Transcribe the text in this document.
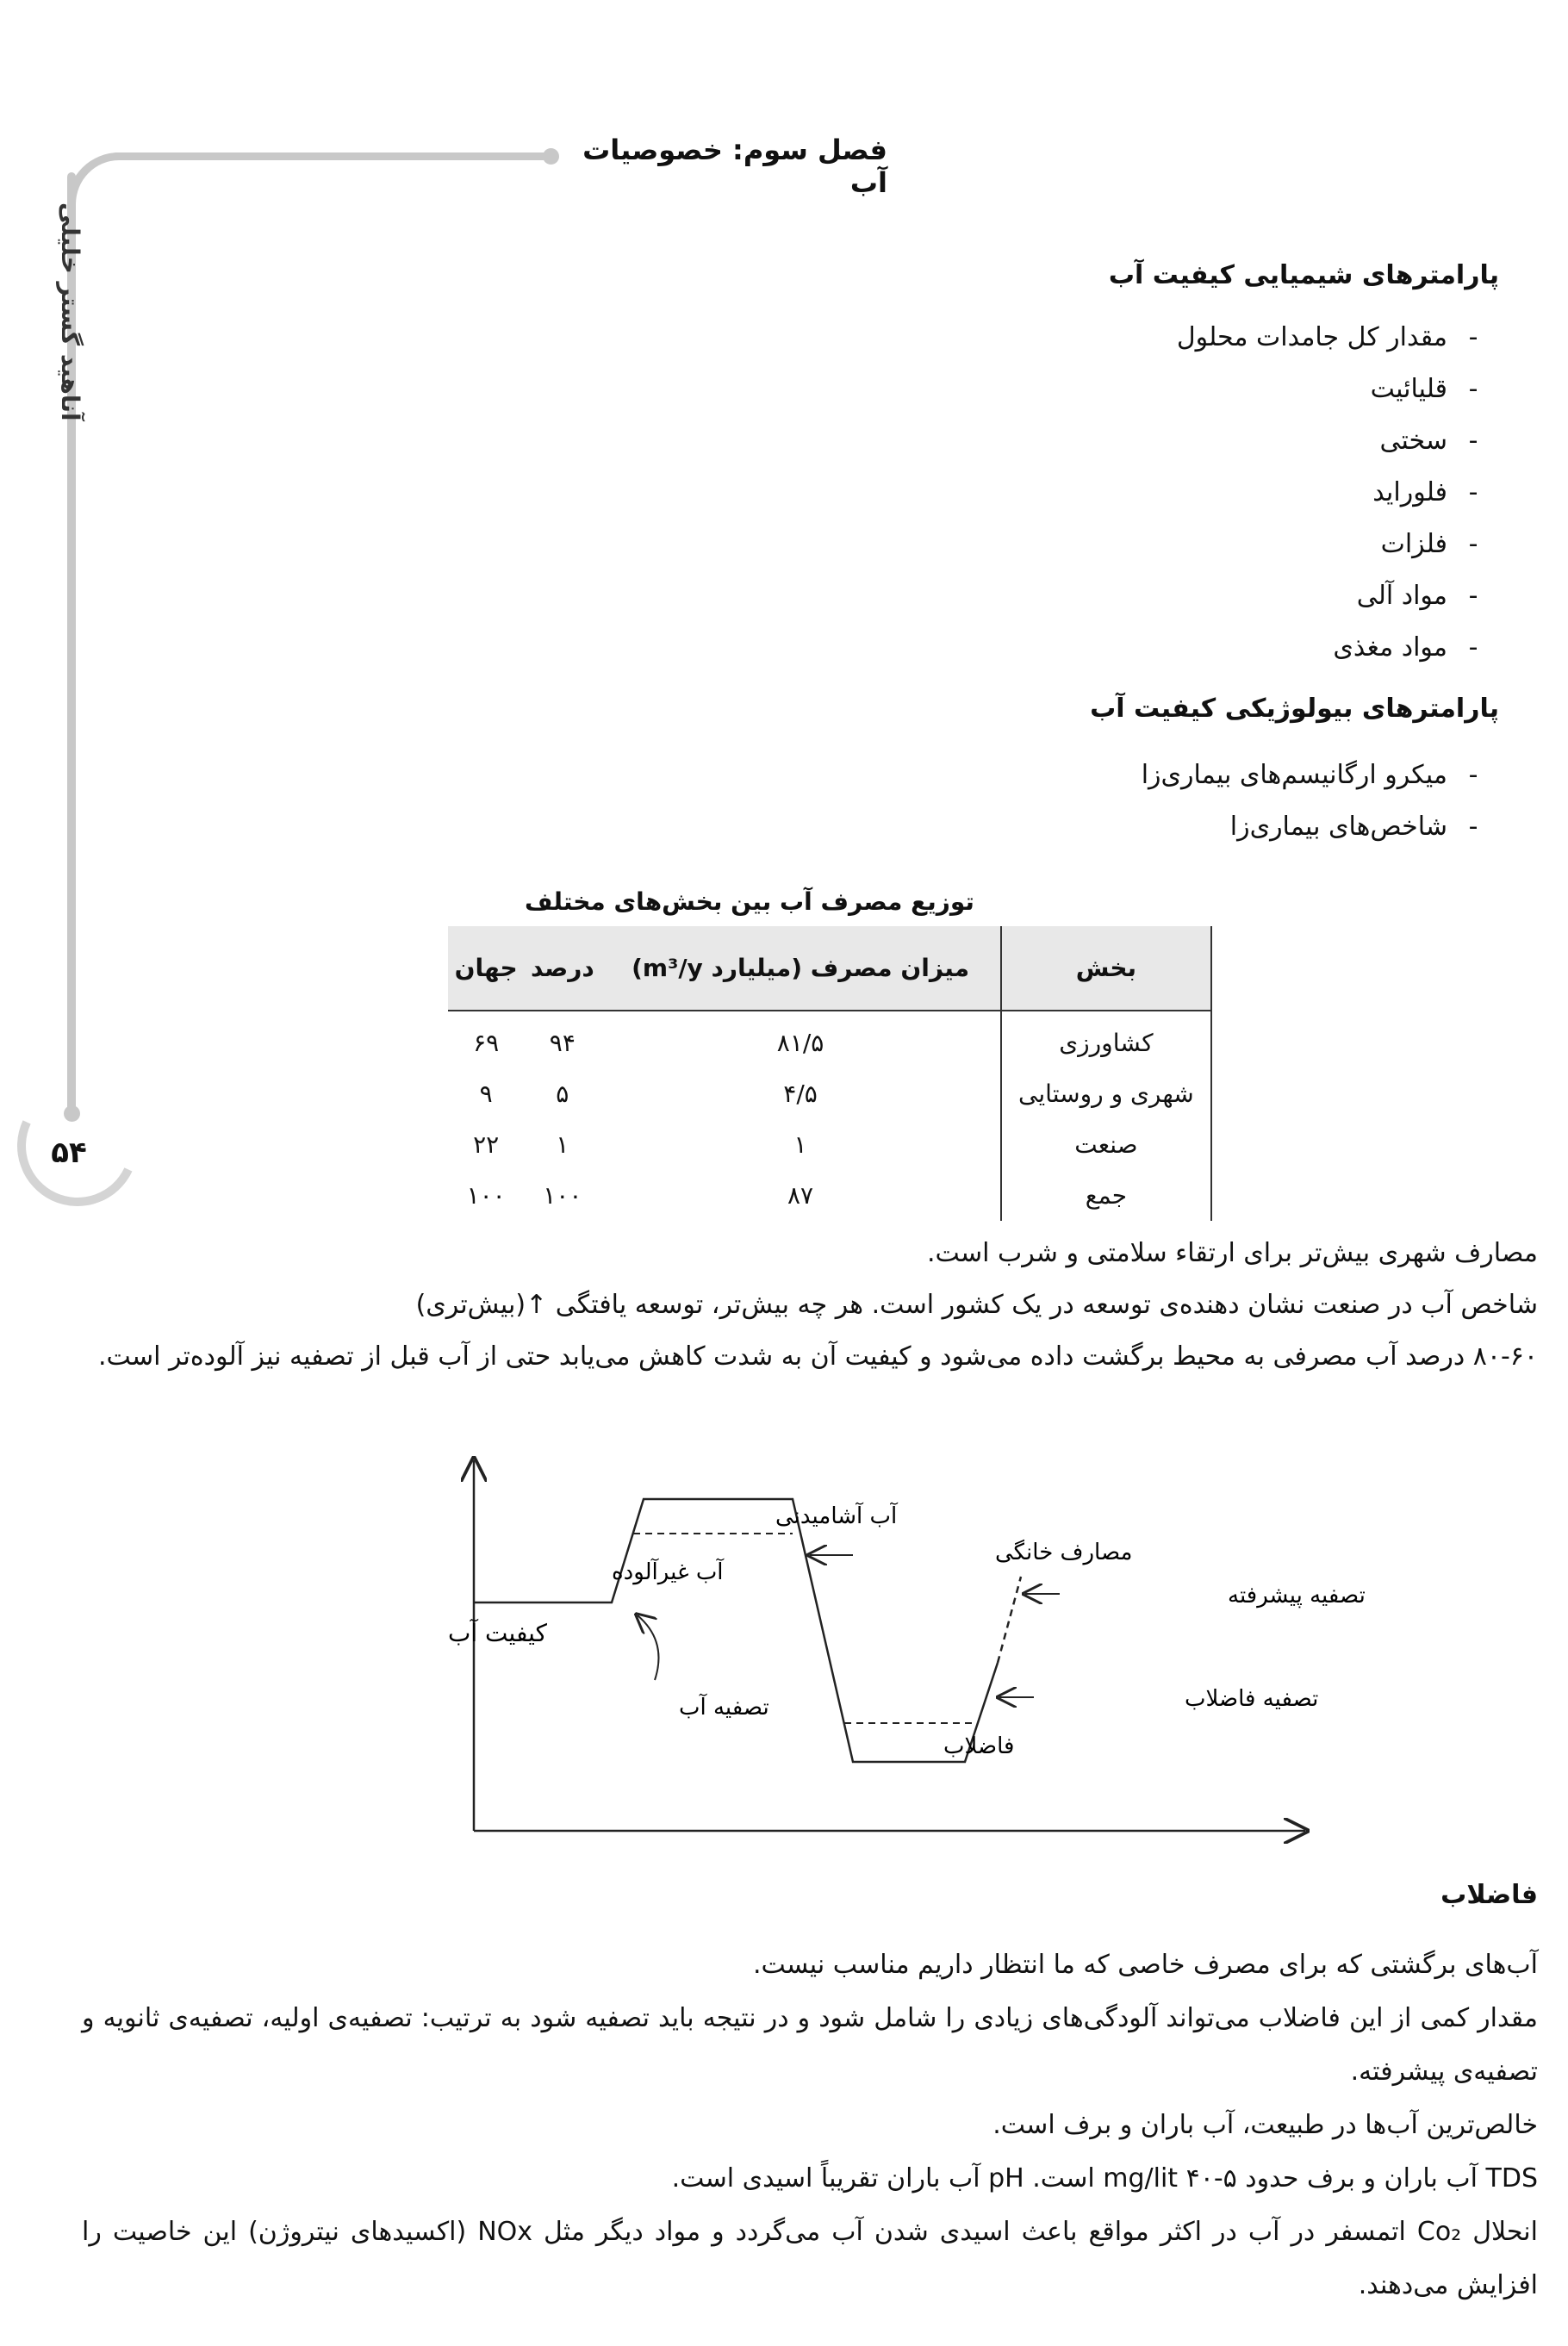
۵۴
آناهید گستر خلیلی
فصل سوم: خصوصیات آب
پارامترهای شیمیایی کیفیت آب
-مقدار کل جامدات محلول
-قلیائیت
-سختی
-فلوراید
-فلزات
-مواد آلی
-مواد مغذی
پارامترهای بیولوژیکی کیفیت آب
-میکرو ارگانیسم‌های بیماری‌زا
-شاخص‌های بیماری‌زا
توزیع مصرف آب بین بخش‌های مختلف
بخش	میزان مصرف (میلیارد m³/y)	درصد	جهان
کشاورزی	۸۱/۵	۹۴	۶۹
شهری و روستایی	۴/۵	۵	۹
صنعت	۱	۱	۲۲
جمع	۸۷	۱۰۰	۱۰۰
مصارف شهری بیش‌تر برای ارتقاء سلامتی و شرب است.
شاخص آب در صنعت نشان دهنده‌ی توسعه در یک کشور است. هر چه بیش‌تر، توسعه یافتگی ↑(بیش‌تری)
۸۰-۶۰ درصد آب مصرفی به محیط برگشت داده می‌شود و کیفیت آن به شدت کاهش می‌یابد حتی از آب قبل از تصفیه نیز آلوده‌تر است.
کیفیت آب
آب غیرآلوده
آب آشامیدنی
تصفیه آب
مصارف خانگی
فاضلاب
تصفیه پیشرفته
تصفیه فاضلاب
فاضلاب
آب‌های برگشتی که برای مصرف خاصی که ما انتظار داریم مناسب نیست.
مقدار کمی از این فاضلاب می‌تواند آلودگی‌های زیادی را شامل شود و در نتیجه باید تصفیه شود به ترتیب: تصفیه‌ی اولیه، تصفیه‌ی ثانویه و تصفیه‌ی پیشرفته.
خالص‌ترین آب‌ها در طبیعت، آب باران و برف است.
TDS آب باران و برف حدود mg/lit ۴۰-۵ است. pH آب باران تقریباً اسیدی است.
انحلال Co₂ اتمسفر در آب در اکثر مواقع باعث اسیدی شدن آب می‌گردد و مواد دیگر مثل NOx (اکسیدهای نیتروژن) این خاصیت را افزایش می‌دهند.
